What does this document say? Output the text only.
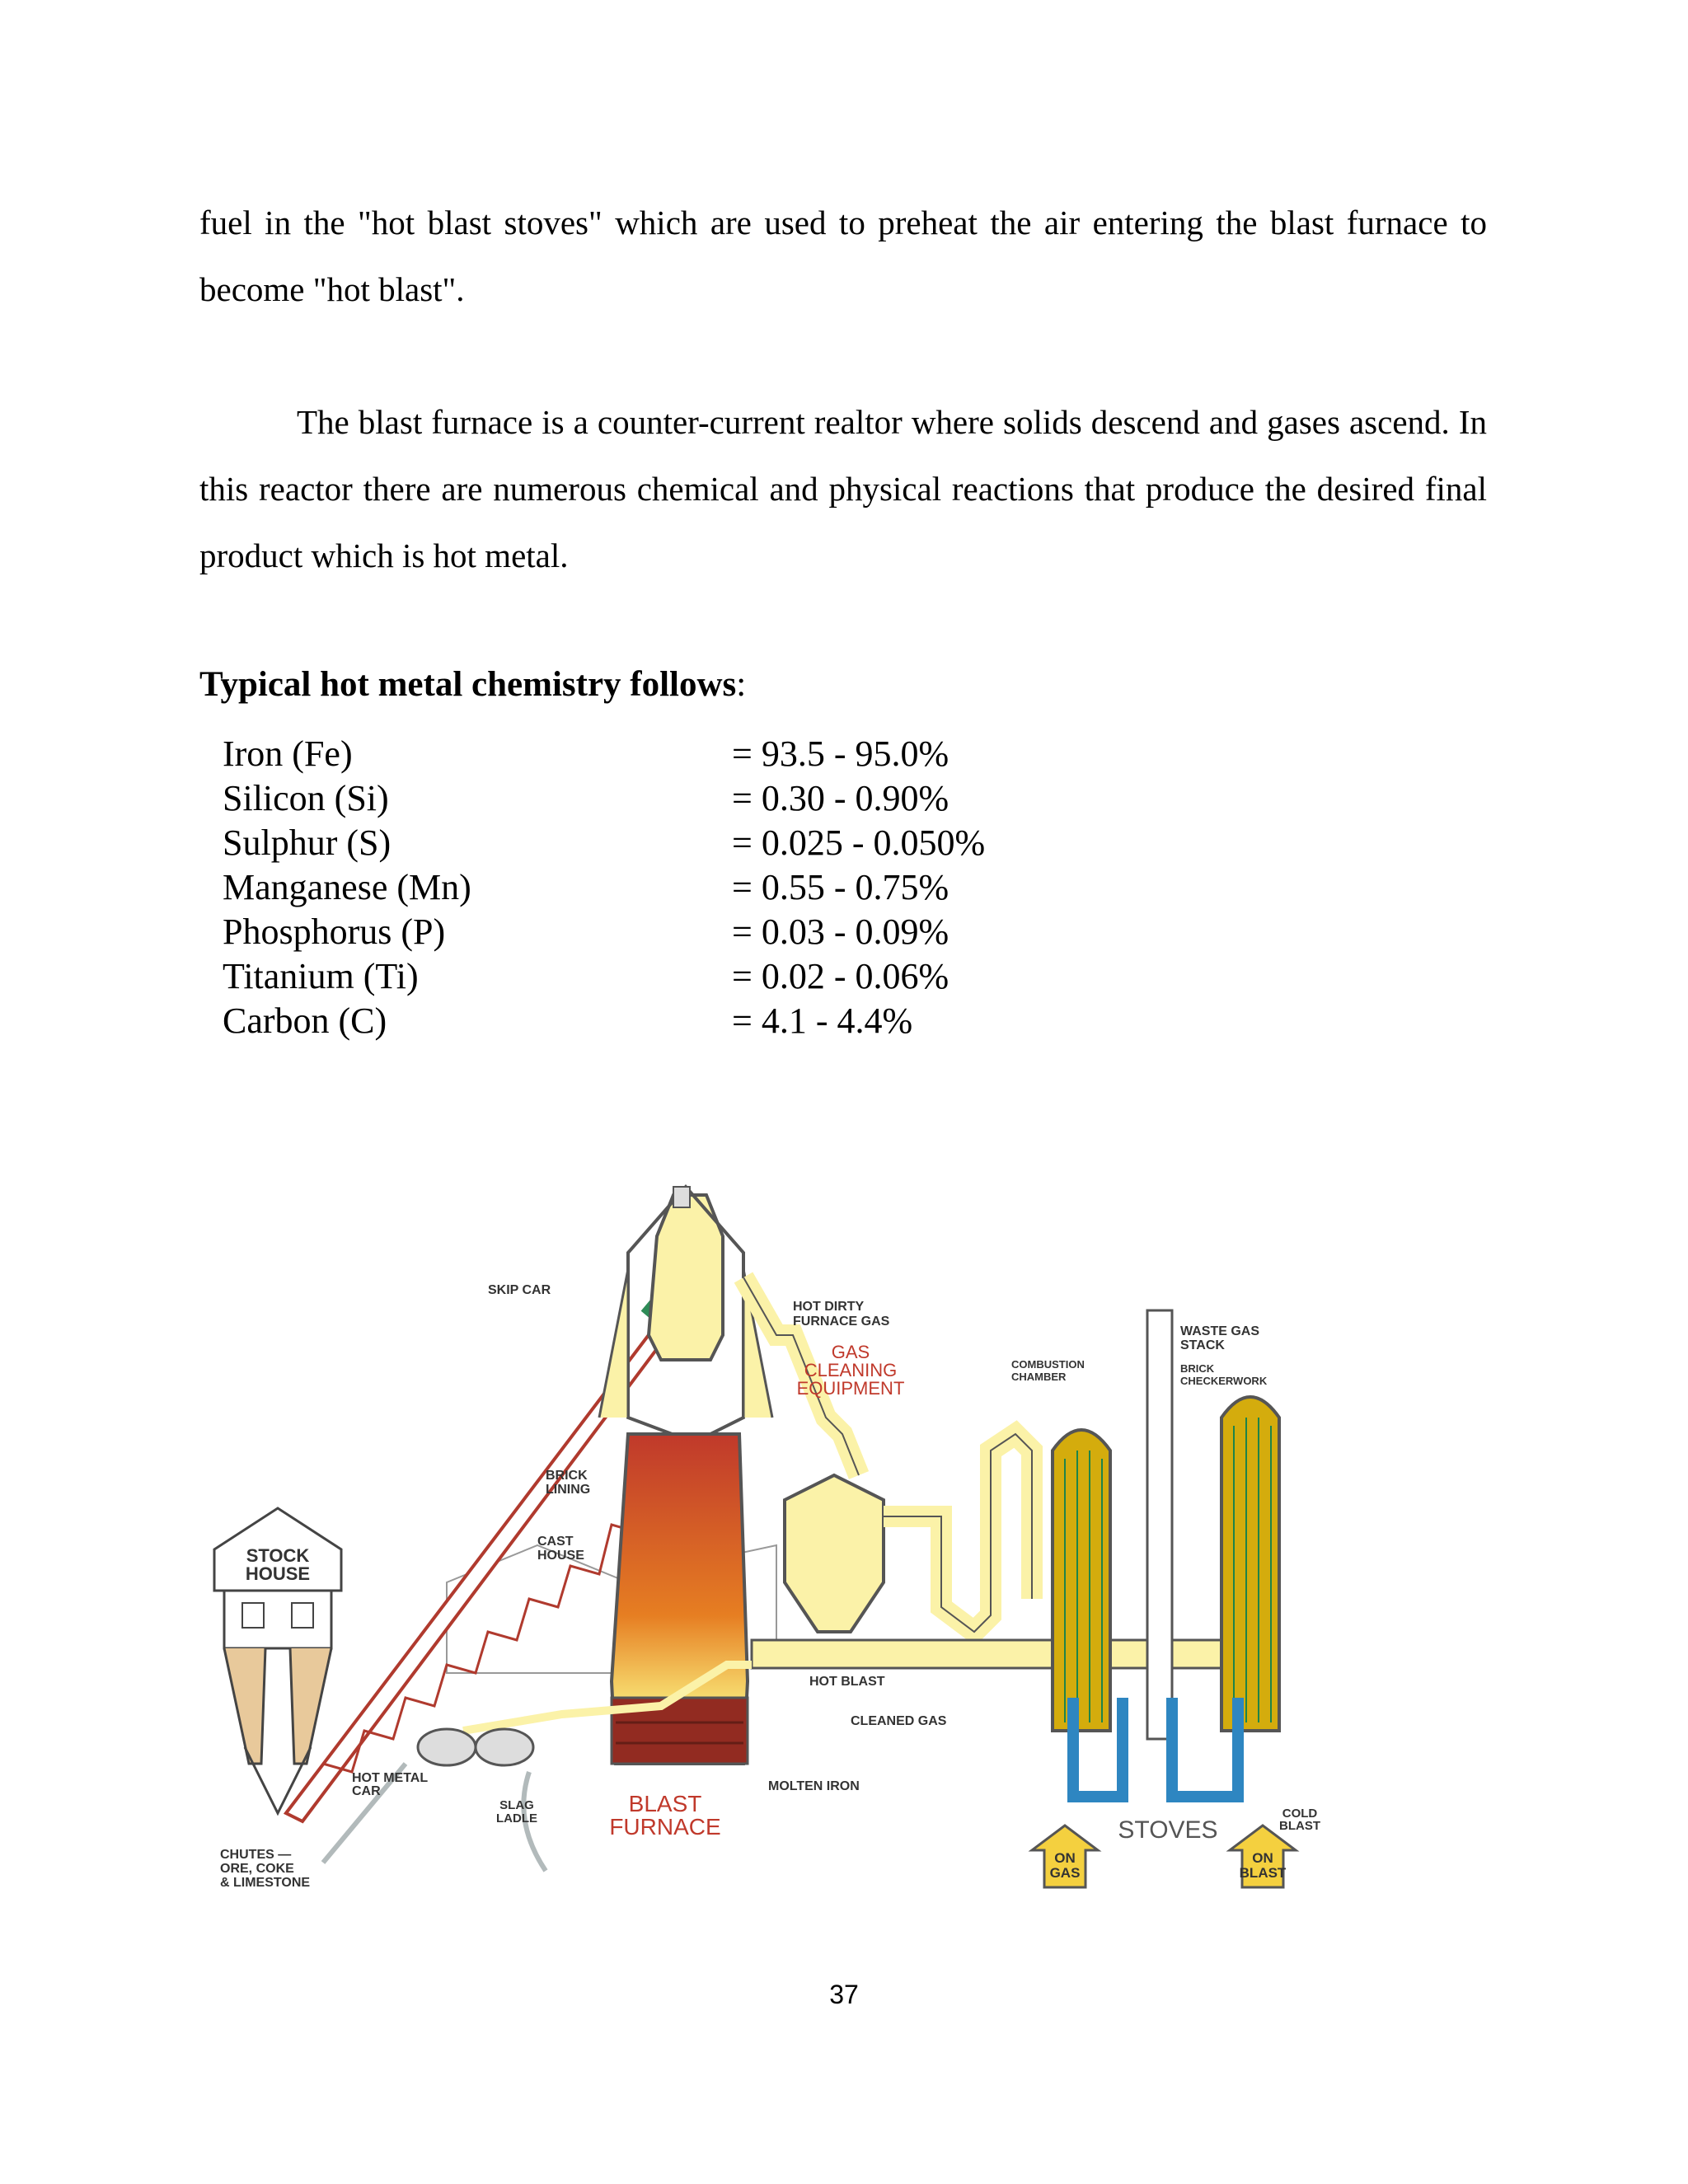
fuel in the "hot blast stoves" which are used to preheat the air entering the blast furnace to become "hot blast".

The blast furnace is a counter-current realtor where solids descend and gases ascend. In this reactor there are numerous chemical and physical reactions that produce the desired final product which is hot metal.

Typical hot metal chemistry follows:

Iron (Fe)	= 93.5 - 95.0%
Silicon (Si)	= 0.30 - 0.90%
Sulphur (S)	= 0.025 - 0.050%
Manganese (Mn)	= 0.55 - 0.75%
Phosphorus (P)	= 0.03 - 0.09%
Titanium (Ti)	= 0.02 - 0.06%
Carbon (C)	= 4.1 - 4.4%
SKIP CAR
HOT DIRTY
FURNACE GAS
GAS
CLEANING
EQUIPMENT
COMBUSTION
CHAMBER
WASTE GAS
STACK
BRICK
CHECKERWORK
BRICK
LINING
CAST
HOUSE
STOCK
HOUSE
HOT BLAST
CLEANED GAS
MOLTEN IRON
HOT METAL
CAR
SLAG
LADLE
BLAST
FURNACE	STOVES
COLD
BLAST
ON
GAS
ON
BLAST
CHUTES —
ORE, COKE
& LIMESTONE
37
